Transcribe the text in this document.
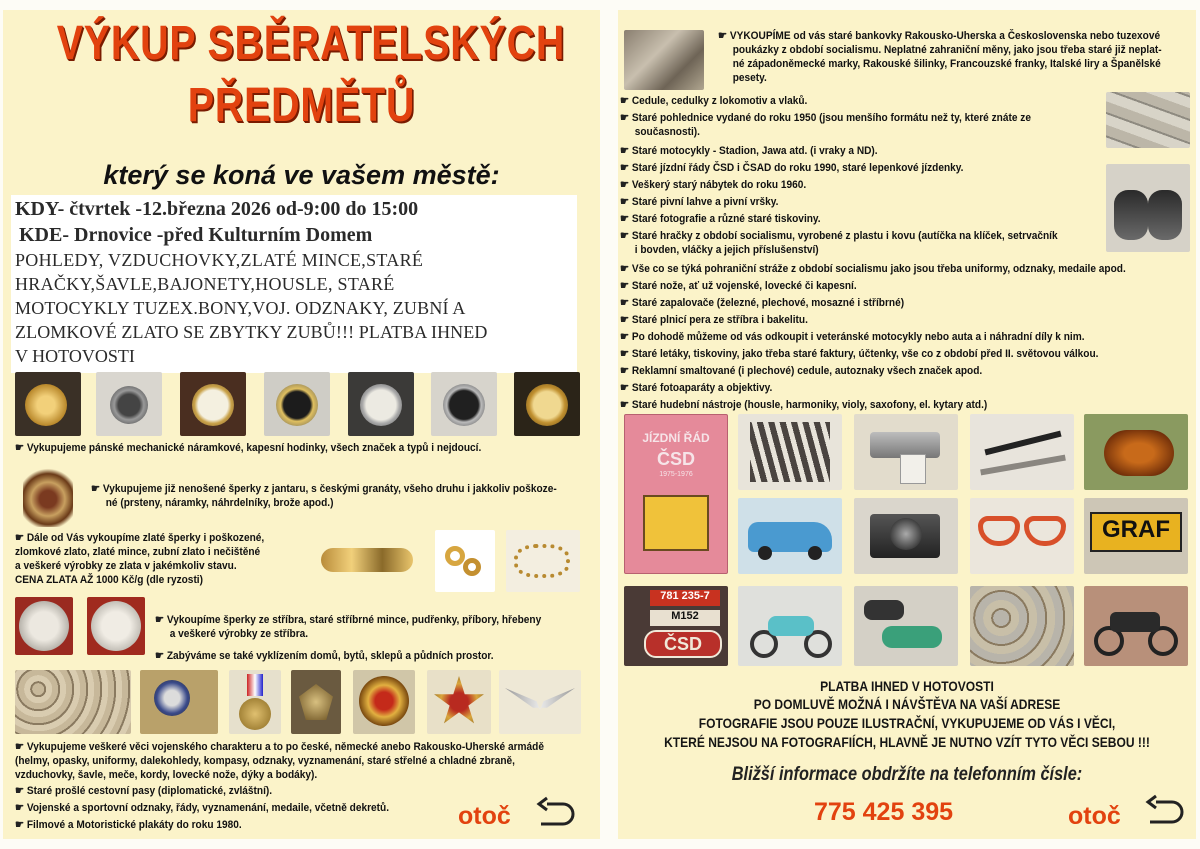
VÝKUP SBĚRATELSKÝCH
PŘEDMĚTŮ
který se koná ve vašem městě:
KDY- čtvrtek -12.března 2026 od-9:00 do 15:00
KDE- Drnovice -před Kulturním Domem
POHLEDY, VZDUCHOVKY,ZLATÉ MINCE,STARÉ
HRAČKY,ŠAVLE,BAJONETY,HOUSLE, STARÉ
MOTOCYKLY TUZEX.BONY,VOJ. ODZNAKY, ZUBNÍ A
ZLOMKOVÉ ZLATO SE ZBYTKY ZUBŮ!!! PLATBA IHNED
V HOTOVOSTI
☛ Vykupujeme pánské mechanické náramkové, kapesní hodinky, všech značek a typů i nejdoucí.
☛ Vykupujeme již nenošené šperky z jantaru, s českými granáty, všeho druhu i jakkoliv poškoze-
né (prsteny, náramky, náhrdelníky, brože apod.)
☛ Dále od Vás vykoupíme zlaté šperky i poškozené,
zlomkové zlato, zlaté mince, zubní zlato i nečištěné
a veškeré výrobky ze zlata v jakémkoliv stavu.
CENA ZLATA AŽ 1000 Kč/g (dle ryzosti)
☛ Vykoupíme šperky ze stříbra, staré stříbrné mince, pudřenky, příbory, hřebeny
a veškeré výrobky ze stříbra.
☛ Zabýváme se také vyklízením domů, bytů, sklepů a půdních prostor.
☛ Vykupujeme veškeré věci vojenského charakteru a to po české, německé anebo Rakousko-Uherské armádě
(helmy, opasky, uniformy, dalekohledy, kompasy, odznaky, vyznamenání, staré střelné a chladné zbraně,
vzduchovky, šavle, meče, kordy, lovecké nože, dýky a bodáky).
☛ Staré prošlé cestovní pasy (diplomatické, zvláštní).
☛ Vojenské a sportovní odznaky, řády, vyznamenání, medaile, včetně dekretů.
☛ Filmové a Motoristické plakáty do roku 1980.	otoč
☛ VYKOUPÍME od vás staré bankovky Rakousko-Uherska a Československa nebo tuzexové
poukázky z období socialismu. Neplatné zahraniční měny, jako jsou třeba staré již neplat-
né západoněmecké marky, Rakouské šilinky, Francouzské franky, Italské liry a Španělské
pesety.
☛ Cedule, cedulky z lokomotiv a vlaků.
☛ Staré pohlednice vydané do roku 1950 (jsou menšího formátu než ty, které znáte ze
současnosti).
☛ Staré motocykly - Stadion, Jawa atd. (i vraky a ND).
☛ Staré jízdní řády ČSD i ČSAD do roku 1990, staré lepenkové jízdenky.
☛ Veškerý starý nábytek do roku 1960.
☛ Staré pivní lahve a pivní vršky.
☛ Staré fotografie a různé staré tiskoviny.
☛ Staré hračky z období socialismu, vyrobené z plastu i kovu (autíčka na klíček, setrvačník
i bovden, vláčky a jejich příslušenství)
☛ Vše co se týká pohraniční stráže z období socialismu jako jsou třeba uniformy, odznaky, medaile apod.
☛ Staré nože, ať už vojenské, lovecké či kapesní.
☛ Staré zapalovače (železné, plechové, mosazné i stříbrné)
☛ Staré plnicí pera ze stříbra i bakelitu.
☛ Po dohodě můžeme od vás odkoupit i veteránské motocykly nebo auta a i náhradní díly k nim.
☛ Staré letáky, tiskoviny, jako třeba staré faktury, účtenky, vše co z období před II. světovou válkou.
☛ Reklamní smaltované (i plechové) cedule, autoznaky všech značek apod.
☛ Staré fotoaparáty a objektivy.
☛ Staré hudební nástroje (housle, harmoniky, violy, saxofony, el. kytary atd.)
JÍZDNÍ ŘÁD
ČSD
1975-1976
GRAF
781 235-7
M152
ČSD
PLATBA IHNED V HOTOVOSTI
PO DOMLUVĚ MOŽNÁ I NÁVŠTĚVA NA VAŠÍ ADRESE
FOTOGRAFIE JSOU POUZE ILUSTRAČNÍ, VYKUPUJEME OD VÁS I VĚCI,
KTERÉ NEJSOU NA FOTOGRAFIÍCH, HLAVNĚ JE NUTNO VZÍT TYTO VĚCI SEBOU !!!
Bližší informace obdržíte na telefonním čísle:
775 425 395	otoč
